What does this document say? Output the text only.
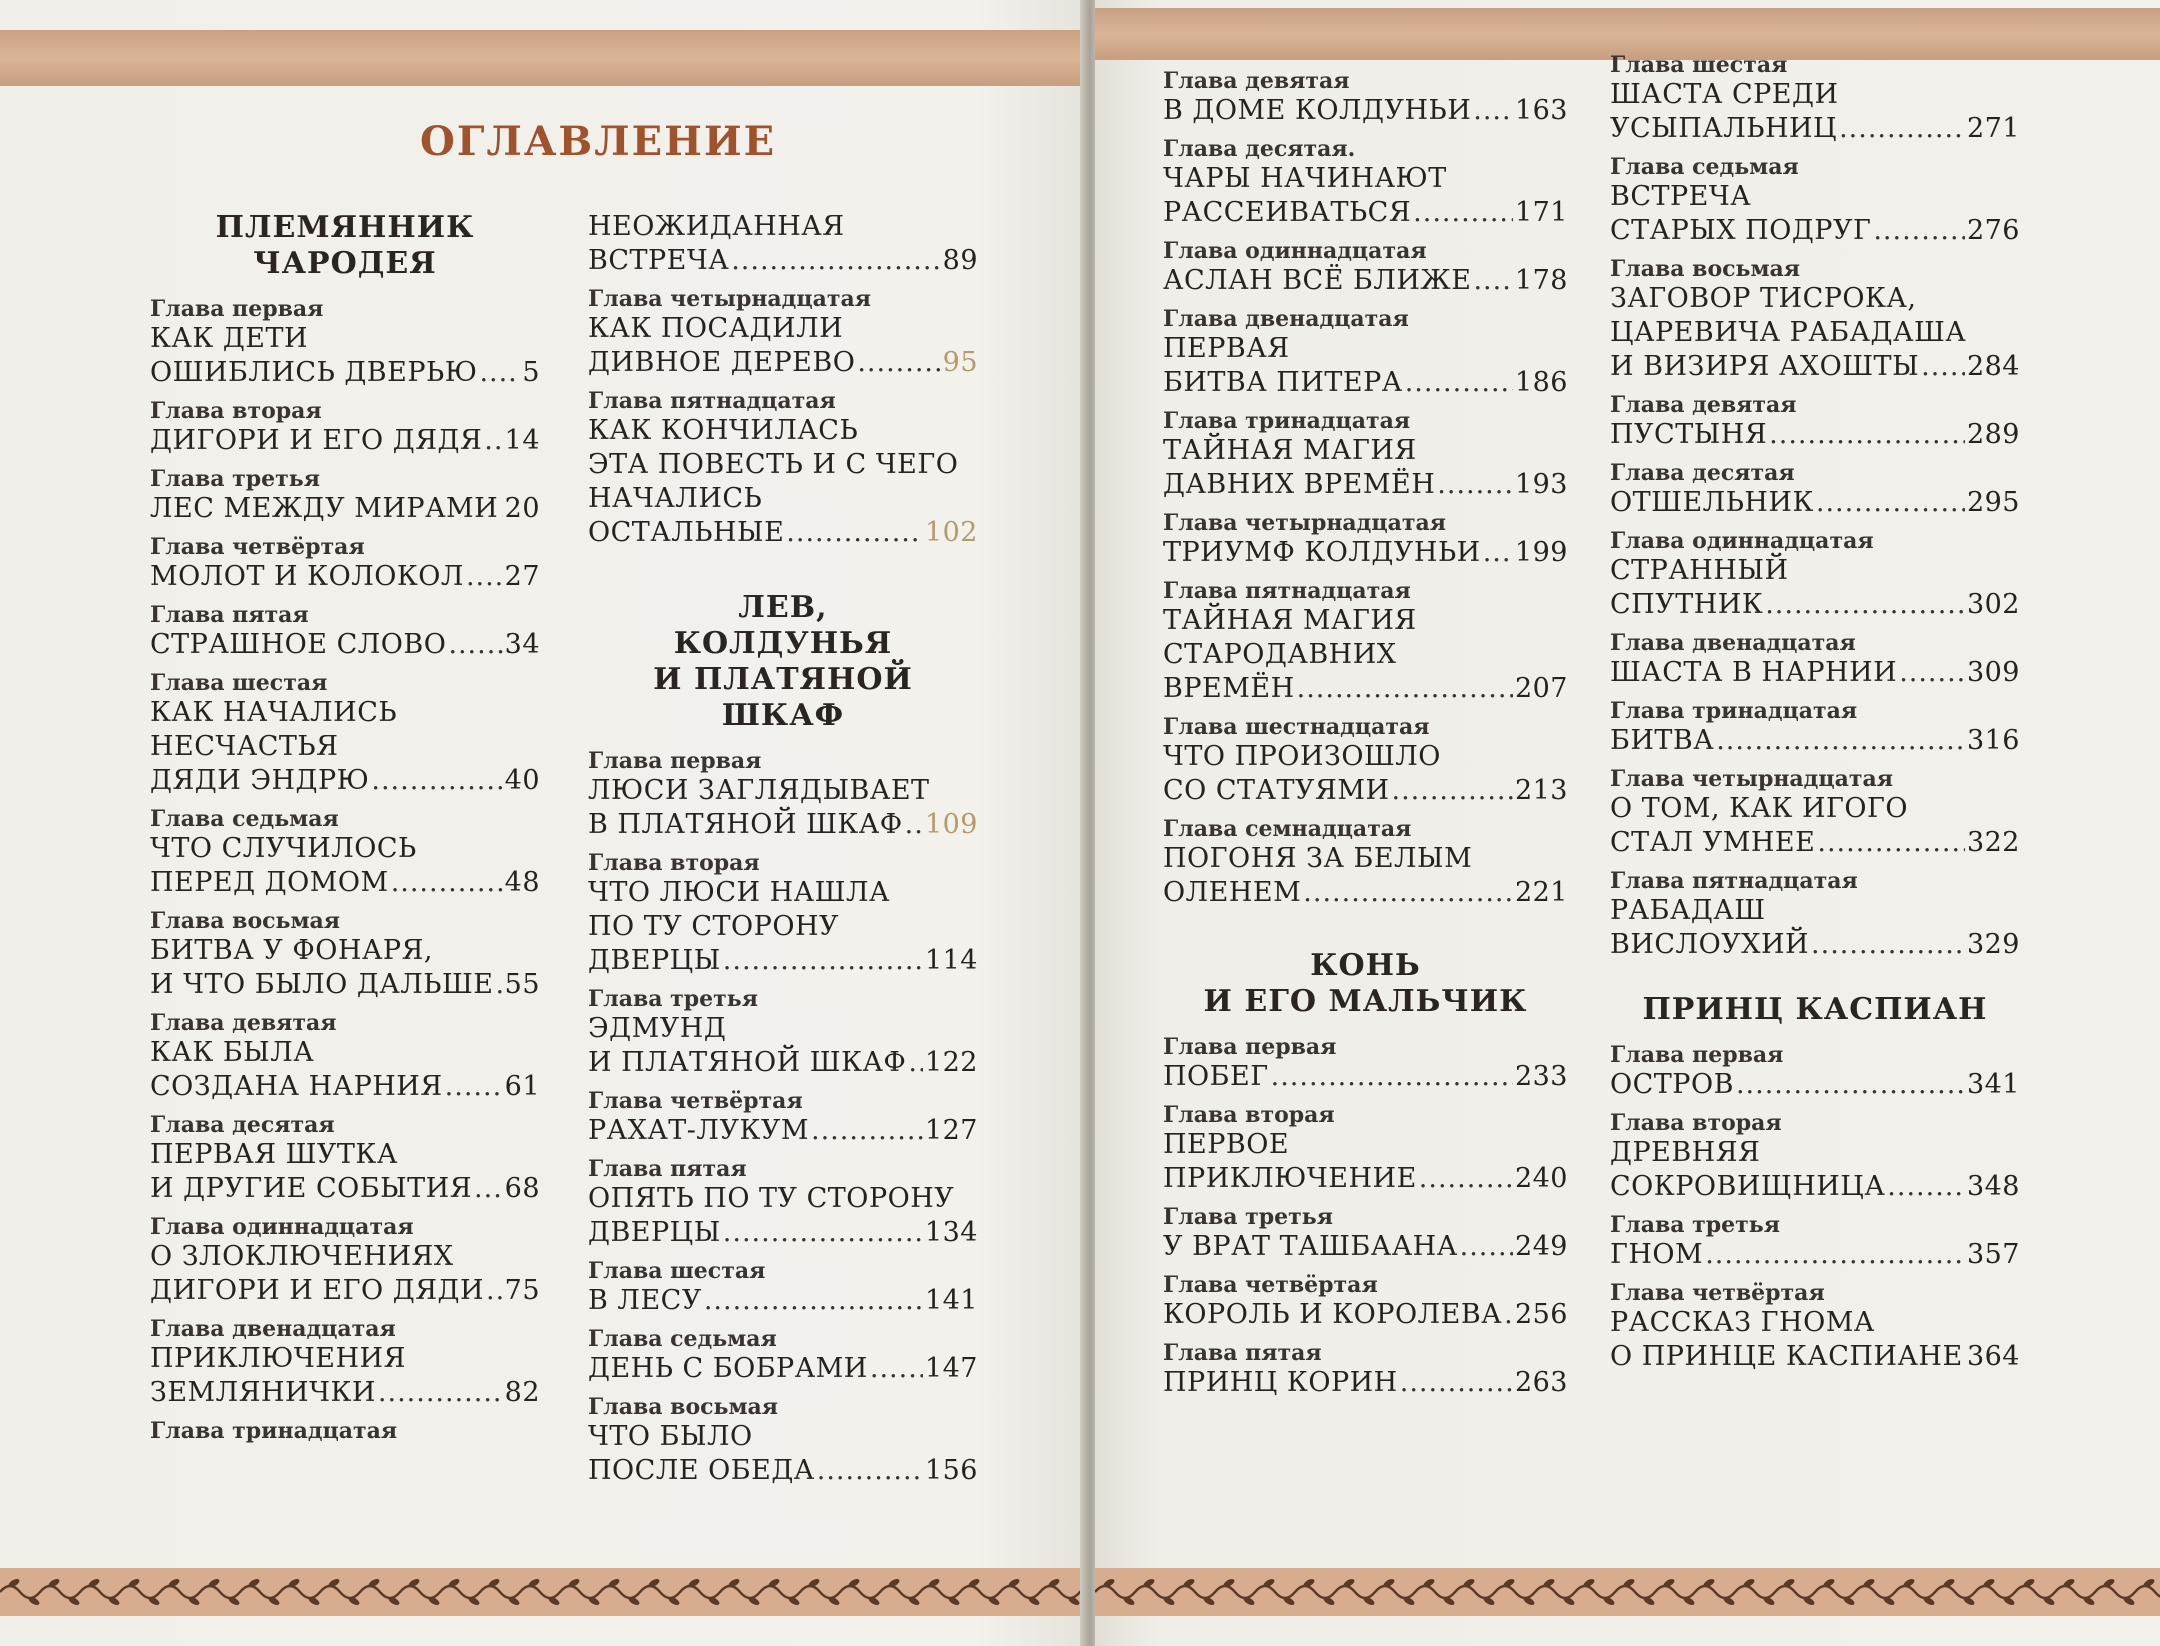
ОГЛАВЛЕНИЕ
ПЛЕМЯННИК
ЧАРОДЕЯ
Глава первая
КАК ДЕТИ
ОШИБЛИСЬ ДВЕРЬЮ ..... 5
Глава вторая
ДИГОРИ И ЕГО ДЯДЯ ..... 14
Глава третья
ЛЕС МЕЖДУ МИРАМИ ..... 20
Глава четвёртая
МОЛОТ И КОЛОКОЛ ..... 27
Глава пятая
СТРАШНОЕ СЛОВО ..... 34
Глава шестая
КАК НАЧАЛИСЬ
НЕСЧАСТЬЯ
ДЯДИ ЭНДРЮ .....	40
Глава седьмая
ЧТО СЛУЧИЛОСЬ
ПЕРЕД ДОМОМ .....	48
Глава восьмая
БИТВА У ФОНАРЯ,
И ЧТО БЫЛО ДАЛЬШЕ ..... 55
Глава девятая
КАК БЫЛА
СОЗДАНА НАРНИЯ ..... 61
Глава десятая
ПЕРВАЯ ШУТКА
И ДРУГИЕ СОБЫТИЯ ..... 68
Глава одиннадцатая
О ЗЛОКЛЮЧЕНИЯХ
ДИГОРИ И ЕГО ДЯДИ ..... 75
Глава двенадцатая
ПРИКЛЮЧЕНИЯ
ЗЕМЛЯНИЧКИ .....	82
Глава тринадцатая
НЕОЖИДАННАЯ
ВСТРЕЧА .....	89
Глава четырнадцатая
КАК ПОСАДИЛИ
ДИВНОЕ ДЕРЕВО .....	95
Глава пятнадцатая
КАК КОНЧИЛАСЬ
ЭТА ПОВЕСТЬ И С ЧЕГО
НАЧАЛИСЬ
ОСТАЛЬНЫЕ .....	102
ЛЕВ,
КОЛДУНЬЯ
И ПЛАТЯНОЙ ШКАФ
Глава первая
ЛЮСИ ЗАГЛЯДЫВАЕТ
В ПЛАТЯНОЙ ШКАФ ..... 109
Глава вторая
ЧТО ЛЮСИ НАШЛА
ПО ТУ СТОРОНУ
ДВЕРЦЫ .....	114
Глава третья
ЭДМУНД
И ПЛАТЯНОЙ ШКАФ ..... 122
Глава четвёртая
РАХАТ-ЛУКУМ .....	127
Глава пятая
ОПЯТЬ ПО ТУ СТОРОНУ
ДВЕРЦЫ .....	134
Глава шестая
В ЛЕСУ .....	141
Глава седьмая
ДЕНЬ С БОБРАМИ ..... 147
Глава восьмая
ЧТО БЫЛО
ПОСЛЕ ОБЕДА .....	156
Глава девятая
В ДОМЕ КОЛДУНЬИ ..... 163
Глава десятая.
ЧАРЫ НАЧИНАЮТ
РАССЕИВАТЬСЯ .....	171
Глава одиннадцатая
АСЛАН ВСЁ БЛИЖЕ ..... 178
Глава двенадцатая
ПЕРВАЯ
БИТВА ПИТЕРА .....	186
Глава тринадцатая
ТАЙНАЯ МАГИЯ
ДАВНИХ ВРЕМЁН .....	193
Глава четырнадцатая
ТРИУМФ КОЛДУНЬИ ..... 199
Глава пятнадцатая
ТАЙНАЯ МАГИЯ
СТАРОДАВНИХ
ВРЕМЁН .....	207
Глава шестнадцатая
ЧТО ПРОИЗОШЛО
СО СТАТУЯМИ .....	213
Глава семнадцатая
ПОГОНЯ ЗА БЕЛЫМ
ОЛЕНЕМ .....	221
КОНЬ
И ЕГО МАЛЬЧИК
Глава первая
ПОБЕГ .....	233
Глава вторая
ПЕРВОЕ
ПРИКЛЮЧЕНИЕ .....	240
Глава третья
У ВРАТ ТАШБААНА ..... 249
Глава четвёртая
КОРОЛЬ И КОРОЛЕВА ..... 256
Глава пятая
ПРИНЦ КОРИН .....	263
Глава шестая
ШАСТА СРЕДИ
УСЫПАЛЬНИЦ .....	271
Глава седьмая
ВСТРЕЧА
СТАРЫХ ПОДРУГ .....	276
Глава восьмая
ЗАГОВОР ТИСРОКА,
ЦАРЕВИЧА РАБАДАША
И ВИЗИРЯ АХОШТЫ ..... 284
Глава девятая
ПУСТЫНЯ .....	289
Глава десятая
ОТШЕЛЬНИК .....	295
Глава одиннадцатая
СТРАННЫЙ
СПУТНИК .....	302
Глава двенадцатая
ШАСТА В НАРНИИ .....	309
Глава тринадцатая
БИТВА .....	316
Глава четырнадцатая
О ТОМ, КАК ИГОГО
СТАЛ УМНЕЕ .....	322
Глава пятнадцатая
РАБАДАШ
ВИСЛОУХИЙ .....	329
ПРИНЦ КАСПИАН
Глава первая
ОСТРОВ .....	341
Глава вторая
ДРЕВНЯЯ
СОКРОВИЩНИЦА .....	348
Глава третья
ГНОМ .....	357
Глава четвёртая
РАССКАЗ ГНОМА
О ПРИНЦЕ КАСПИАНЕ ..... 364
